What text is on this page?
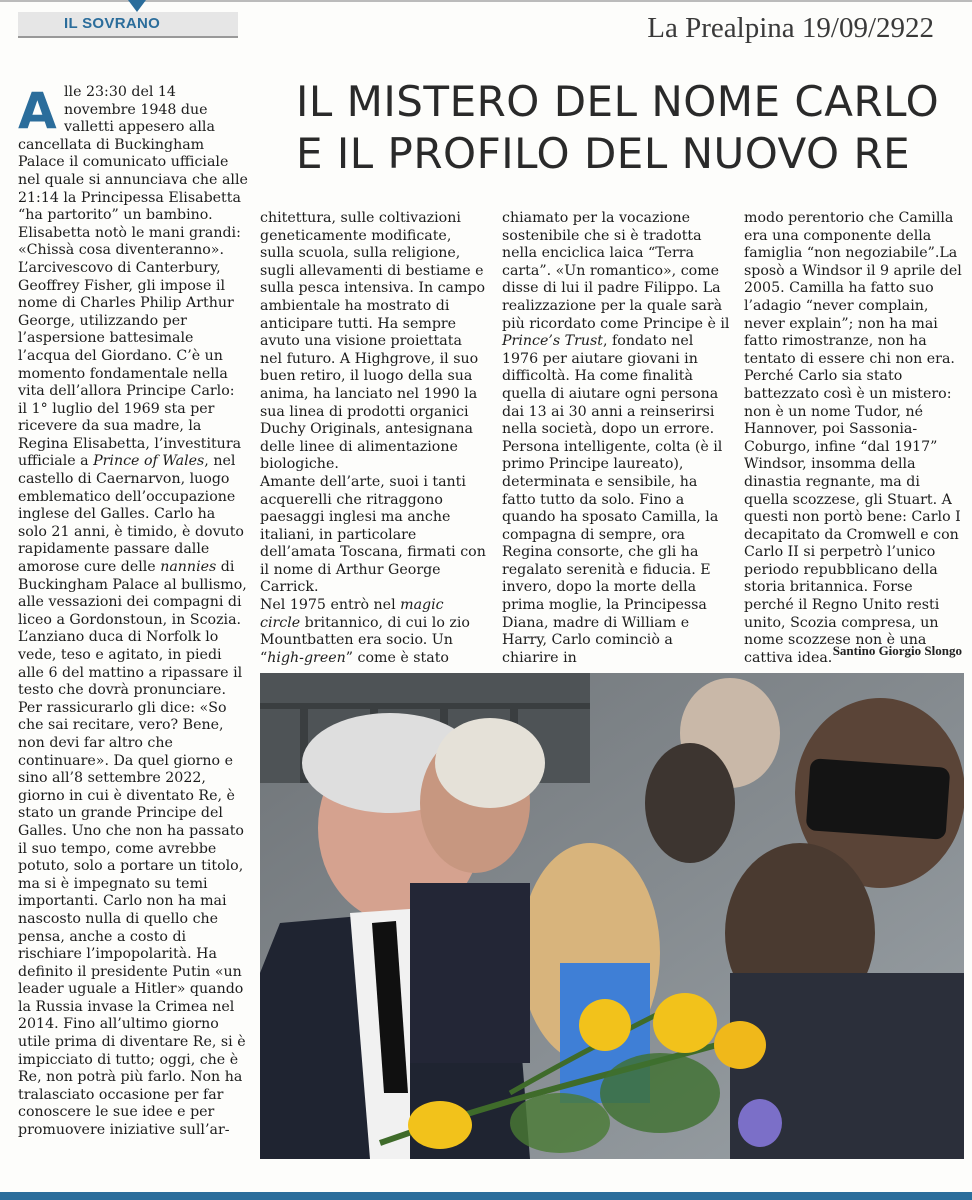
IL SOVRANO	La Prealpina 19/09/2922
IL MISTERO DEL NOME CARLO
E IL PROFILO DEL NUOVO RE
A lle 23:30 del 14 novembre 1948 due valletti appesero alla cancellata di Buckingham Palace il comunicato ufficiale nel quale si annunciava che alle 21:14 la Principessa Elisabetta “ha partorito” un bambino. Elisabetta notò le mani grandi: «Chissà cosa diventeranno».

L’arcivescovo di Canterbury, Geoffrey Fisher, gli impose il nome di Charles Philip Arthur George, utilizzando per l’aspersione battesimale l’acqua del Giordano. C’è un momento fondamentale nella vita dell’allora Principe Carlo: il 1° luglio del 1969 sta per ricevere da sua madre, la Regina Elisabetta, l’investitura ufficiale a Prince of Wales, nel castello di Caernarvon, luogo emblematico dell’occupazione inglese del Galles. Carlo ha solo 21 anni, è timido, è dovuto rapidamente passare dalle amorose cure delle nannies di Buckingham Palace al bullismo, alle vessazioni dei compagni di liceo a Gordonstoun, in Scozia.

L’anziano duca di Norfolk lo vede, teso e agitato, in piedi alle 6 del mattino a ripassare il testo che dovrà pronunciare. Per rassicurarlo gli dice: «So che sai recitare, vero? Bene, non devi far altro che continuare». Da quel giorno e sino all’8 settembre 2022, giorno in cui è diventato Re, è stato un grande Principe del Galles. Uno che non ha passato il suo tempo, come avrebbe potuto, solo a portare un titolo, ma si è impegnato su temi importanti. Carlo non ha mai nascosto nulla di quello che pensa, anche a costo di rischiare l’impopolarità. Ha definito il presidente Putin «un leader uguale a Hitler» quando la Russia invase la Crimea nel 2014. Fino all’ultimo giorno utile prima di diventare Re, si è impicciato di tutto; oggi, che è Re, non potrà più farlo. Non ha tralasciato occasione per far conoscere le sue idee e per promuovere iniziative sull’ar-

chitettura, sulle coltivazioni geneticamente modificate, sulla scuola, sulla religione, sugli allevamenti di bestiame e sulla pesca intensiva. In campo ambientale ha mostrato di anticipare tutti. Ha sempre avuto una visione proiettata nel futuro. A Highgrove, il suo buen retiro, il luogo della sua anima, ha lanciato nel 1990 la sua linea di prodotti organici Duchy Originals, antesignana delle linee di alimentazione biologiche.

Amante dell’arte, suoi i tanti acquerelli che ritraggono paesaggi inglesi ma anche italiani, in particolare dell’amata Toscana, firmati con il nome di Arthur George Carrick.

Nel 1975 entrò nel magic circle britannico, di cui lo zio Mountbatten era socio. Un “high-green” come è stato

chiamato per la vocazione sostenibile che si è tradotta nella enciclica laica “Terra carta”. «Un romantico», come disse di lui il padre Filippo. La realizzazione per la quale sarà più ricordato come Principe è il Prince’s Trust, fondato nel 1976 per aiutare giovani in difficoltà. Ha come finalità quella di aiutare ogni persona dai 13 ai 30 anni a reinserirsi nella società, dopo un errore.

Persona intelligente, colta (è il primo Principe laureato), determinata e sensibile, ha fatto tutto da solo. Fino a quando ha sposato Camilla, la compagna di sempre, ora Regina consorte, che gli ha regalato serenità e fiducia. E invero, dopo la morte della prima moglie, la Principessa Diana, madre di William e Harry, Carlo cominciò a chiarire in

modo perentorio che Camilla era una componente della famiglia “non negoziabile”.La sposò a Windsor il 9 aprile del 2005. Camilla ha fatto suo l’adagio “never complain, never explain”; non ha mai fatto rimostranze, non ha tentato di essere chi non era.

Perché Carlo sia stato battezzato così è un mistero: non è un nome Tudor, né Hannover, poi Sassonia-Coburgo, infine “dal 1917” Windsor, insomma della dinastia regnante, ma di quella scozzese, gli Stuart. A questi non portò bene: Carlo I decapitato da Cromwell e con Carlo II si perpetrò l’unico periodo repubblicano della storia britannica. Forse perché il Regno Unito resti unito, Scozia compresa, un nome scozzese non è una cattiva idea. Santino Giorgio Slongo
